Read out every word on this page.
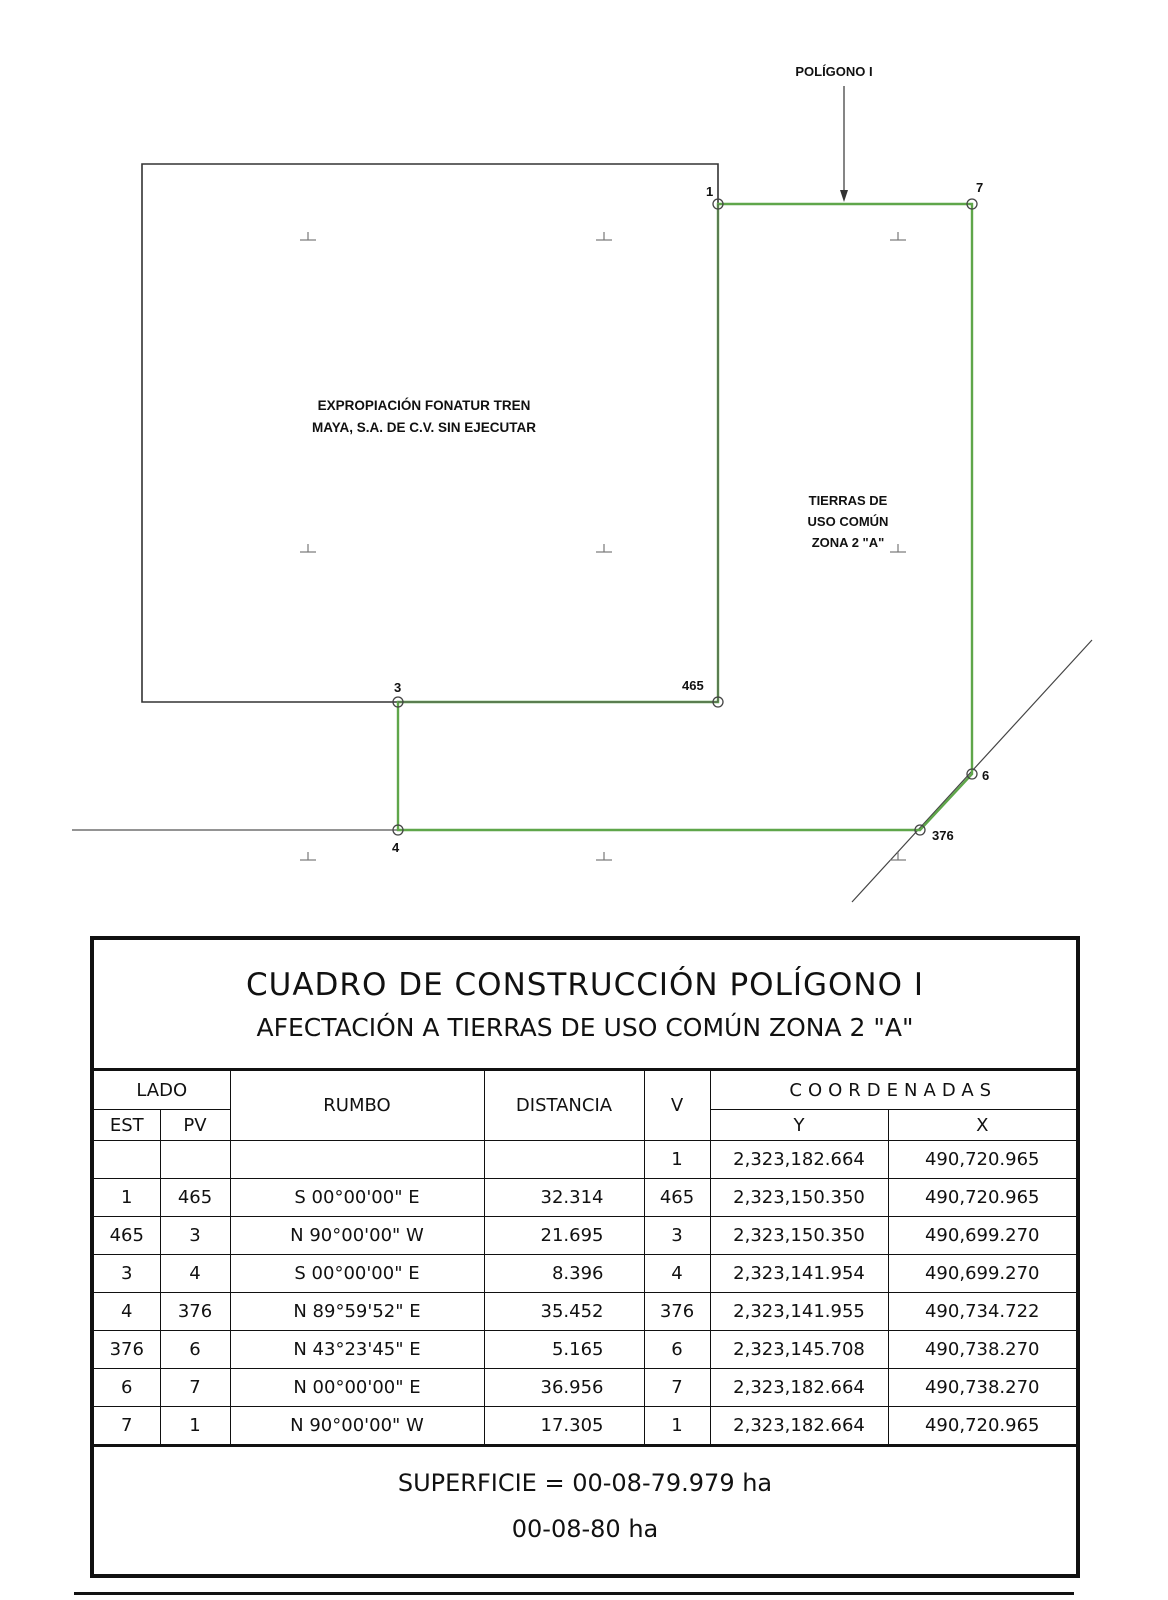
POLÍGONO I
EXPROPIACIÓN FONATUR TREN
MAYA, S.A. DE C.V. SIN EJECUTAR
TIERRAS DE
USO COMÚN
ZONA 2 "A"
1	7
465
3
4
6
376
CUADRO DE CONSTRUCCIÓN POLÍGONO I
AFECTACIÓN A TIERRAS DE USO COMÚN ZONA 2 "A"
LADO		RUMBO	DISTANCIA	V	COORDENADAS	
EST	PV				Y	X
				1	2,323,182.664	490,720.965
1	465	S 00°00'00" E	32.314	465	2,323,150.350	490,720.965
465	3	N 90°00'00" W	21.695	3	2,323,150.350	490,699.270
3	4	S 00°00'00" E	8.396	4	2,323,141.954	490,699.270
4	376	N 89°59'52" E	35.452	376	2,323,141.955	490,734.722
376	6	N 43°23'45" E	5.165	6	2,323,145.708	490,738.270
6	7	N 00°00'00" E	36.956	7	2,323,182.664	490,738.270
7	1	N 90°00'00" W	17.305	1	2,323,182.664	490,720.965
SUPERFICIE = 00-08-79.979 ha
00-08-80 ha
